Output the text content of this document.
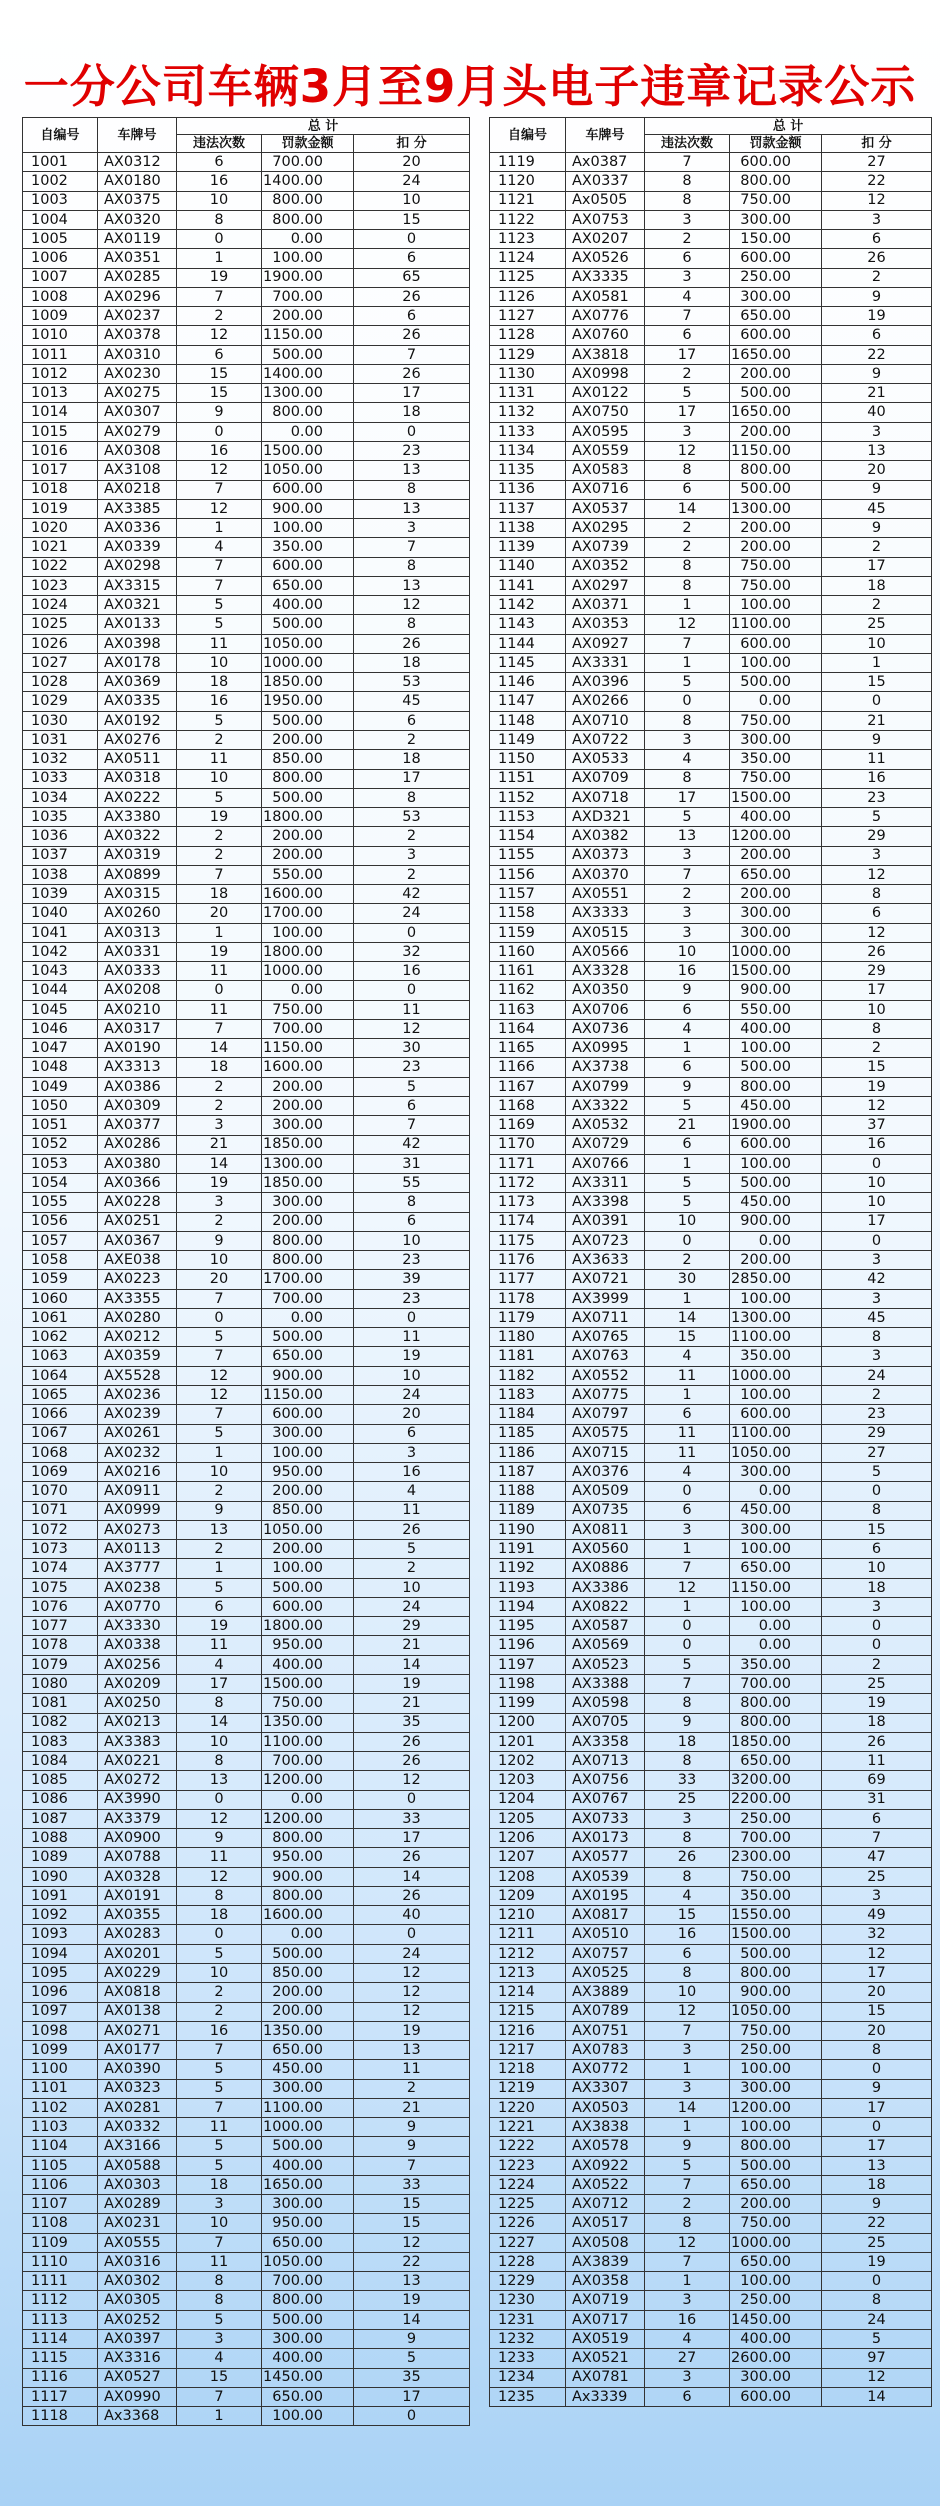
一分公司车辆3月至9月头电子违章记录公示
自编号	车牌号	总 计		
		违法次数	罚款金额	扣 分
1001	AX0312	6	700.00	20
1002	AX0180	16	1400.00	24
1003	AX0375	10	800.00	10
1004	AX0320	8	800.00	15
1005	AX0119	0	0.00	0
1006	AX0351	1	100.00	6
1007	AX0285	19	1900.00	65
1008	AX0296	7	700.00	26
1009	AX0237	2	200.00	6
1010	AX0378	12	1150.00	26
1011	AX0310	6	500.00	7
1012	AX0230	15	1400.00	26
1013	AX0275	15	1300.00	17
1014	AX0307	9	800.00	18
1015	AX0279	0	0.00	0
1016	AX0308	16	1500.00	23
1017	AX3108	12	1050.00	13
1018	AX0218	7	600.00	8
1019	AX3385	12	900.00	13
1020	AX0336	1	100.00	3
1021	AX0339	4	350.00	7
1022	AX0298	7	600.00	8
1023	AX3315	7	650.00	13
1024	AX0321	5	400.00	12
1025	AX0133	5	500.00	8
1026	AX0398	11	1050.00	26
1027	AX0178	10	1000.00	18
1028	AX0369	18	1850.00	53
1029	AX0335	16	1950.00	45
1030	AX0192	5	500.00	6
1031	AX0276	2	200.00	2
1032	AX0511	11	850.00	18
1033	AX0318	10	800.00	17
1034	AX0222	5	500.00	8
1035	AX3380	19	1800.00	53
1036	AX0322	2	200.00	2
1037	AX0319	2	200.00	3
1038	AX0899	7	550.00	2
1039	AX0315	18	1600.00	42
1040	AX0260	20	1700.00	24
1041	AX0313	1	100.00	0
1042	AX0331	19	1800.00	32
1043	AX0333	11	1000.00	16
1044	AX0208	0	0.00	0
1045	AX0210	11	750.00	11
1046	AX0317	7	700.00	12
1047	AX0190	14	1150.00	30
1048	AX3313	18	1600.00	23
1049	AX0386	2	200.00	5
1050	AX0309	2	200.00	6
1051	AX0377	3	300.00	7
1052	AX0286	21	1850.00	42
1053	AX0380	14	1300.00	31
1054	AX0366	19	1850.00	55
1055	AX0228	3	300.00	8
1056	AX0251	2	200.00	6
1057	AX0367	9	800.00	10
1058	AXE038	10	800.00	23
1059	AX0223	20	1700.00	39
1060	AX3355	7	700.00	23
1061	AX0280	0	0.00	0
1062	AX0212	5	500.00	11
1063	AX0359	7	650.00	19
1064	AX5528	12	900.00	10
1065	AX0236	12	1150.00	24
1066	AX0239	7	600.00	20
1067	AX0261	5	300.00	6
1068	AX0232	1	100.00	3
1069	AX0216	10	950.00	16
1070	AX0911	2	200.00	4
1071	AX0999	9	850.00	11
1072	AX0273	13	1050.00	26
1073	AX0113	2	200.00	5
1074	AX3777	1	100.00	2
1075	AX0238	5	500.00	10
1076	AX0770	6	600.00	24
1077	AX3330	19	1800.00	29
1078	AX0338	11	950.00	21
1079	AX0256	4	400.00	14
1080	AX0209	17	1500.00	19
1081	AX0250	8	750.00	21
1082	AX0213	14	1350.00	35
1083	AX3383	10	1100.00	26
1084	AX0221	8	700.00	26
1085	AX0272	13	1200.00	12
1086	AX3990	0	0.00	0
1087	AX3379	12	1200.00	33
1088	AX0900	9	800.00	17
1089	AX0788	11	950.00	26
1090	AX0328	12	900.00	14
1091	AX0191	8	800.00	26
1092	AX0355	18	1600.00	40
1093	AX0283	0	0.00	0
1094	AX0201	5	500.00	24
1095	AX0229	10	850.00	12
1096	AX0818	2	200.00	12
1097	AX0138	2	200.00	12
1098	AX0271	16	1350.00	19
1099	AX0177	7	650.00	13
1100	AX0390	5	450.00	11
1101	AX0323	5	300.00	2
1102	AX0281	7	1100.00	21
1103	AX0332	11	1000.00	9
1104	AX3166	5	500.00	9
1105	AX0588	5	400.00	7
1106	AX0303	18	1650.00	33
1107	AX0289	3	300.00	15
1108	AX0231	10	950.00	15
1109	AX0555	7	650.00	12
1110	AX0316	11	1050.00	22
1111	AX0302	8	700.00	13
1112	AX0305	8	800.00	19
1113	AX0252	5	500.00	14
1114	AX0397	3	300.00	9
1115	AX3316	4	400.00	5
1116	AX0527	15	1450.00	35
1117	AX0990	7	650.00	17
1118	Ax3368	1	100.00	0
自编号	车牌号	总 计		
		违法次数	罚款金额	扣 分
1119	Ax0387	7	600.00	27
1120	AX0337	8	800.00	22
1121	Ax0505	8	750.00	12
1122	AX0753	3	300.00	3
1123	AX0207	2	150.00	6
1124	AX0526	6	600.00	26
1125	AX3335	3	250.00	2
1126	AX0581	4	300.00	9
1127	AX0776	7	650.00	19
1128	AX0760	6	600.00	6
1129	AX3818	17	1650.00	22
1130	AX0998	2	200.00	9
1131	AX0122	5	500.00	21
1132	AX0750	17	1650.00	40
1133	AX0595	3	200.00	3
1134	AX0559	12	1150.00	13
1135	AX0583	8	800.00	20
1136	AX0716	6	500.00	9
1137	AX0537	14	1300.00	45
1138	AX0295	2	200.00	9
1139	AX0739	2	200.00	2
1140	AX0352	8	750.00	17
1141	AX0297	8	750.00	18
1142	AX0371	1	100.00	2
1143	AX0353	12	1100.00	25
1144	AX0927	7	600.00	10
1145	AX3331	1	100.00	1
1146	AX0396	5	500.00	15
1147	AX0266	0	0.00	0
1148	AX0710	8	750.00	21
1149	AX0722	3	300.00	9
1150	AX0533	4	350.00	11
1151	AX0709	8	750.00	16
1152	AX0718	17	1500.00	23
1153	AXD321	5	400.00	5
1154	AX0382	13	1200.00	29
1155	AX0373	3	200.00	3
1156	AX0370	7	650.00	12
1157	AX0551	2	200.00	8
1158	AX3333	3	300.00	6
1159	AX0515	3	300.00	12
1160	AX0566	10	1000.00	26
1161	AX3328	16	1500.00	29
1162	AX0350	9	900.00	17
1163	AX0706	6	550.00	10
1164	AX0736	4	400.00	8
1165	AX0995	1	100.00	2
1166	AX3738	6	500.00	15
1167	AX0799	9	800.00	19
1168	AX3322	5	450.00	12
1169	AX0532	21	1900.00	37
1170	AX0729	6	600.00	16
1171	AX0766	1	100.00	0
1172	AX3311	5	500.00	10
1173	AX3398	5	450.00	10
1174	AX0391	10	900.00	17
1175	AX0723	0	0.00	0
1176	AX3633	2	200.00	3
1177	AX0721	30	2850.00	42
1178	AX3999	1	100.00	3
1179	AX0711	14	1300.00	45
1180	AX0765	15	1100.00	8
1181	AX0763	4	350.00	3
1182	AX0552	11	1000.00	24
1183	AX0775	1	100.00	2
1184	AX0797	6	600.00	23
1185	AX0575	11	1100.00	29
1186	AX0715	11	1050.00	27
1187	AX0376	4	300.00	5
1188	AX0509	0	0.00	0
1189	AX0735	6	450.00	8
1190	AX0811	3	300.00	15
1191	AX0560	1	100.00	6
1192	AX0886	7	650.00	10
1193	AX3386	12	1150.00	18
1194	AX0822	1	100.00	3
1195	AX0587	0	0.00	0
1196	AX0569	0	0.00	0
1197	AX0523	5	350.00	2
1198	AX3388	7	700.00	25
1199	AX0598	8	800.00	19
1200	AX0705	9	800.00	18
1201	AX3358	18	1850.00	26
1202	AX0713	8	650.00	11
1203	AX0756	33	3200.00	69
1204	AX0767	25	2200.00	31
1205	AX0733	3	250.00	6
1206	AX0173	8	700.00	7
1207	AX0577	26	2300.00	47
1208	AX0539	8	750.00	25
1209	AX0195	4	350.00	3
1210	AX0817	15	1550.00	49
1211	AX0510	16	1500.00	32
1212	AX0757	6	500.00	12
1213	AX0525	8	800.00	17
1214	AX3889	10	900.00	20
1215	AX0789	12	1050.00	15
1216	AX0751	7	750.00	20
1217	AX0783	3	250.00	8
1218	AX0772	1	100.00	0
1219	AX3307	3	300.00	9
1220	AX0503	14	1200.00	17
1221	AX3838	1	100.00	0
1222	AX0578	9	800.00	17
1223	AX0922	5	500.00	13
1224	AX0522	7	650.00	18
1225	AX0712	2	200.00	9
1226	AX0517	8	750.00	22
1227	AX0508	12	1000.00	25
1228	AX3839	7	650.00	19
1229	AX0358	1	100.00	0
1230	AX0719	3	250.00	8
1231	AX0717	16	1450.00	24
1232	AX0519	4	400.00	5
1233	AX0521	27	2600.00	97
1234	AX0781	3	300.00	12
1235	Ax3339	6	600.00	14
